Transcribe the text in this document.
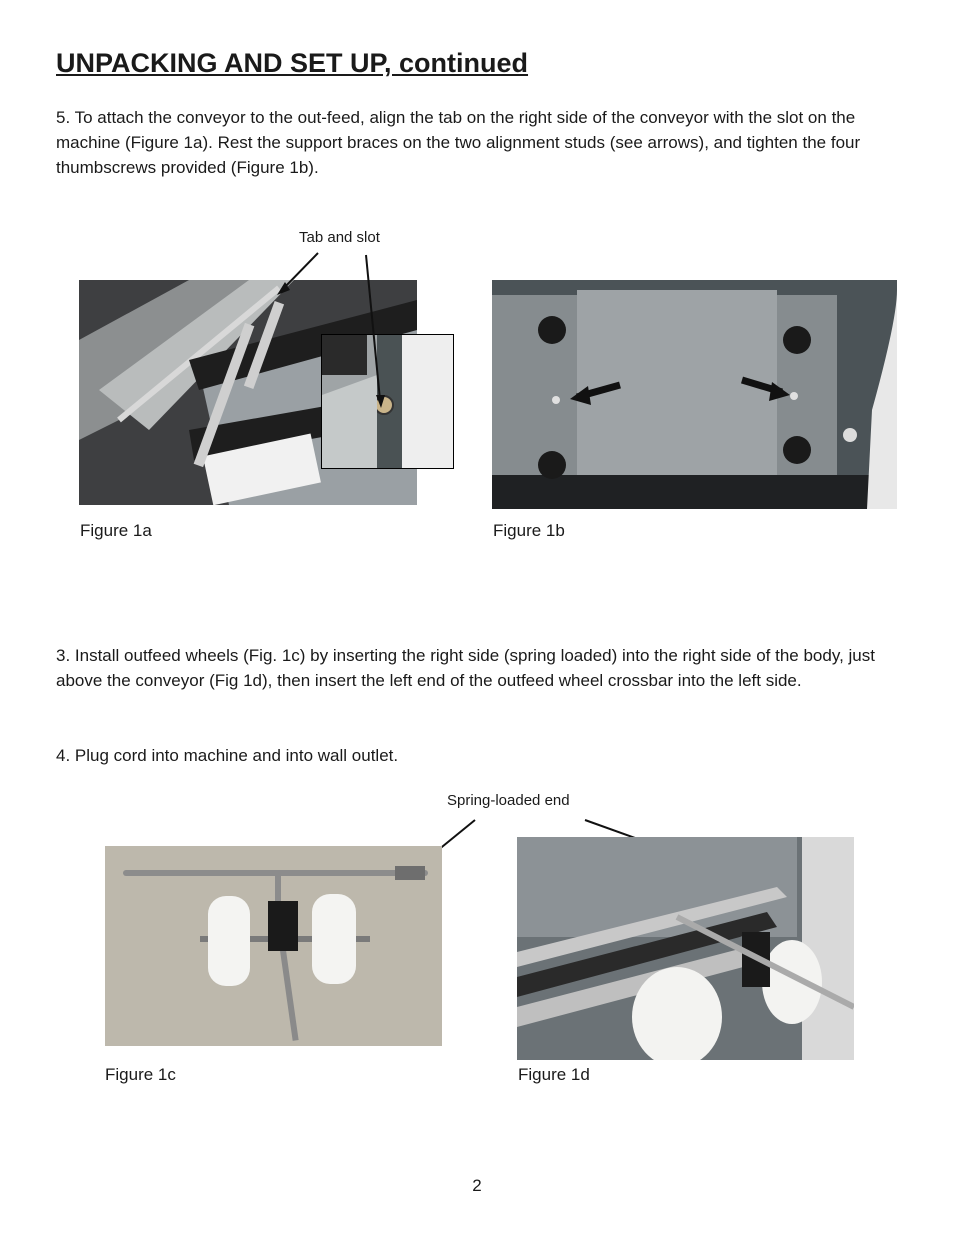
UNPACKING AND SET UP, continued

5. To attach the conveyor to the out-feed, align the tab on the right side of the conveyor with the slot on the machine (Figure 1a). Rest the support braces on the two alignment studs (see arrows), and tighten the four thumbscrews provided (Figure 1b).

Tab and slot
Figure 1a	Figure 1b

3. Install outfeed wheels (Fig. 1c) by inserting the right side (spring loaded) into the right side of the body, just above the conveyor (Fig 1d), then insert the left end of the outfeed wheel crossbar into the left side.

4. Plug cord into machine and into wall outlet.

Spring-loaded end
Figure 1c	Figure 1d
2
